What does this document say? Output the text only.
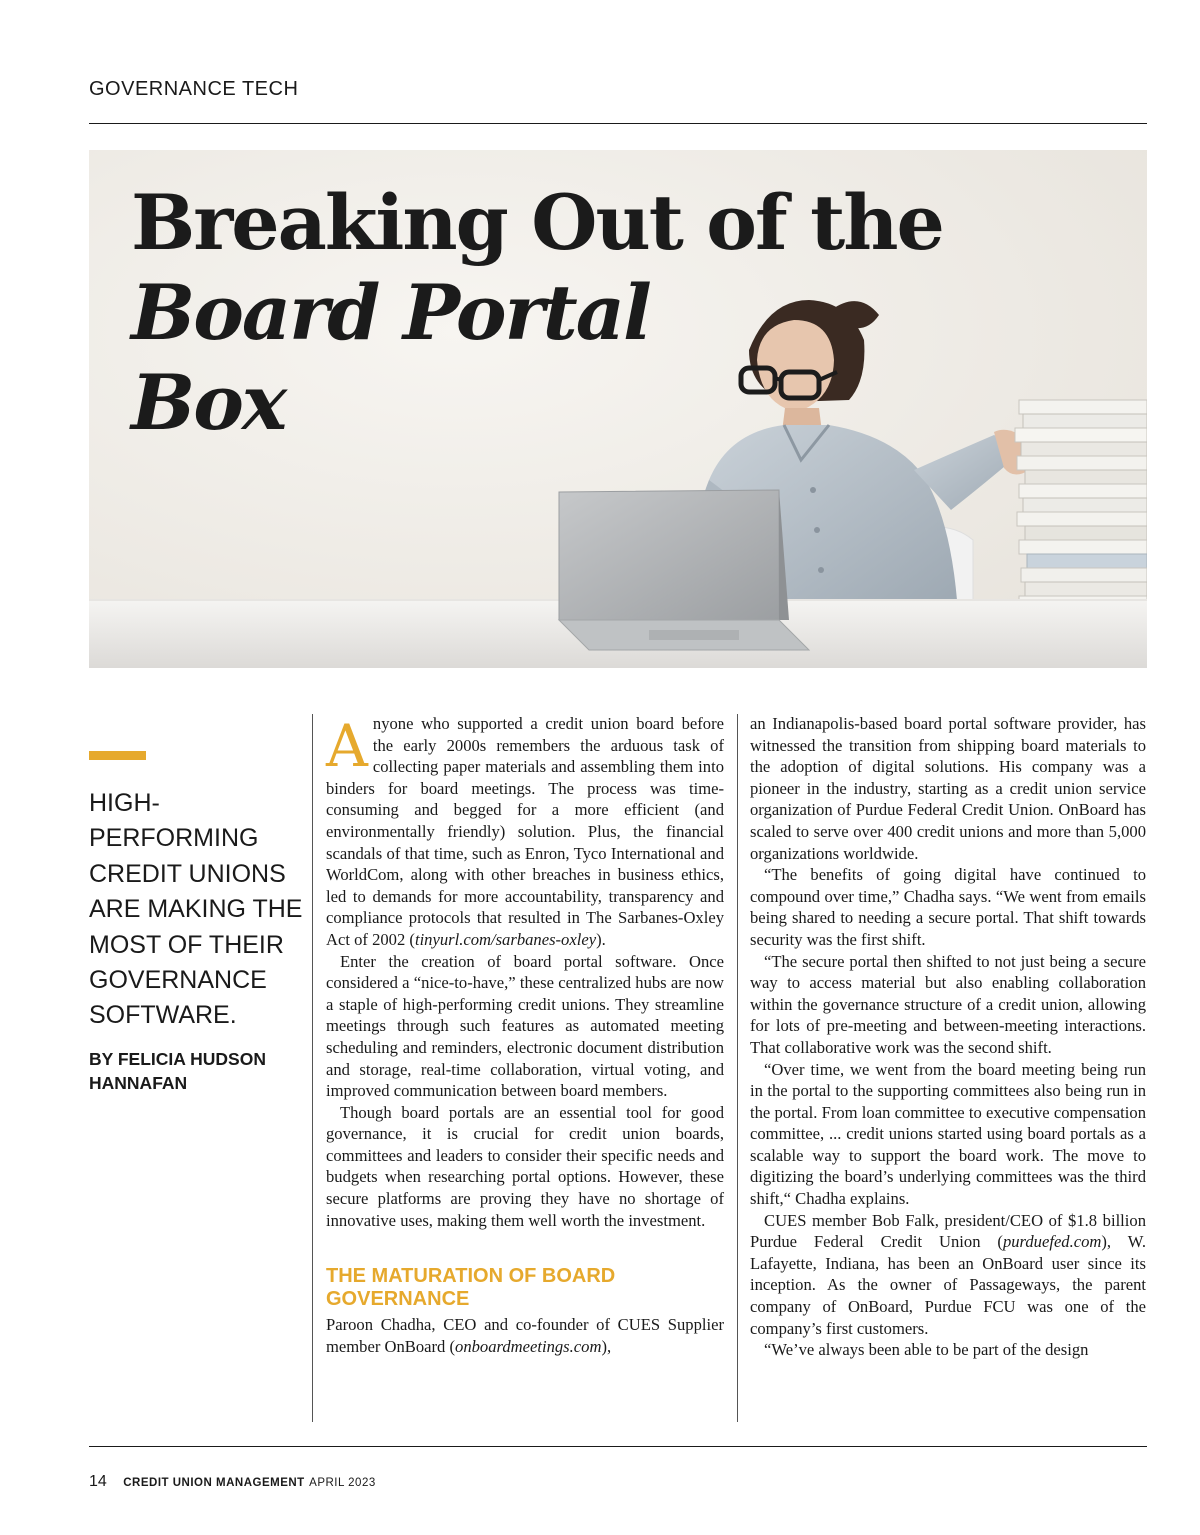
GOVERNANCE TECH
Breaking Out of the
Board Portal
Box
HIGH-PERFORMING CREDIT UNIONS ARE MAKING THE MOST OF THEIR GOVERNANCE SOFTWARE.
BY FELICIA HUDSON HANNAFAN

Anyone who supported a credit union board before the early 2000s remembers the arduous task of collecting paper materials and assembling them into binders for board meetings. The process was time-consuming and begged for a more efficient (and environmentally friendly) solution. Plus, the financial scandals of that time, such as Enron, Tyco International and WorldCom, along with other breaches in business ethics, led to demands for more accountability, transparency and compliance protocols that resulted in The Sarbanes-Oxley Act of 2002 (tinyurl.com/sarbanes-oxley).

Enter the creation of board portal software. Once considered a “nice-to-have,” these centralized hubs are now a staple of high-performing credit unions. They streamline meetings through such features as automated meeting scheduling and reminders, electronic document distribution and storage, real-time collaboration, virtual voting, and improved communication between board members.

Though board portals are an essential tool for good governance, it is crucial for credit union boards, committees and leaders to consider their specific needs and budgets when researching portal options. However, these secure platforms are proving they have no shortage of innovative uses, making them well worth the investment.

THE MATURATION OF BOARD GOVERNANCE

Paroon Chadha, CEO and co-founder of CUES Supplier member OnBoard (onboardmeetings.com),

an Indianapolis-based board portal software provider, has witnessed the transition from shipping board materials to the adoption of digital solutions. His company was a pioneer in the industry, starting as a credit union service organization of Purdue Federal Credit Union. OnBoard has scaled to serve over 400 credit unions and more than 5,000 organizations worldwide.

“The benefits of going digital have continued to compound over time,” Chadha says. “We went from emails being shared to needing a secure portal. That shift towards security was the first shift.

“The secure portal then shifted to not just being a secure way to access material but also enabling collaboration within the governance structure of a credit union, allowing for lots of pre-meeting and between-meeting interactions. That collaborative work was the second shift.

“Over time, we went from the board meeting being run in the portal to the supporting committees also being run in the portal. From loan committee to executive compensation committee, ... credit unions started using board portals as a scalable way to support the board work. The move to digitizing the board’s underlying committees was the third shift,“ Chadha explains.

CUES member Bob Falk, president/CEO of $1.8 billion Purdue Federal Credit Union (purduefed.com), W. Lafayette, Indiana, has been an OnBoard user since its inception. As the owner of Passageways, the parent company of OnBoard, Purdue FCU was one of the company’s first customers.

“We’ve always been able to be part of the design

14 CREDIT UNION MANAGEMENT APRIL 2023
